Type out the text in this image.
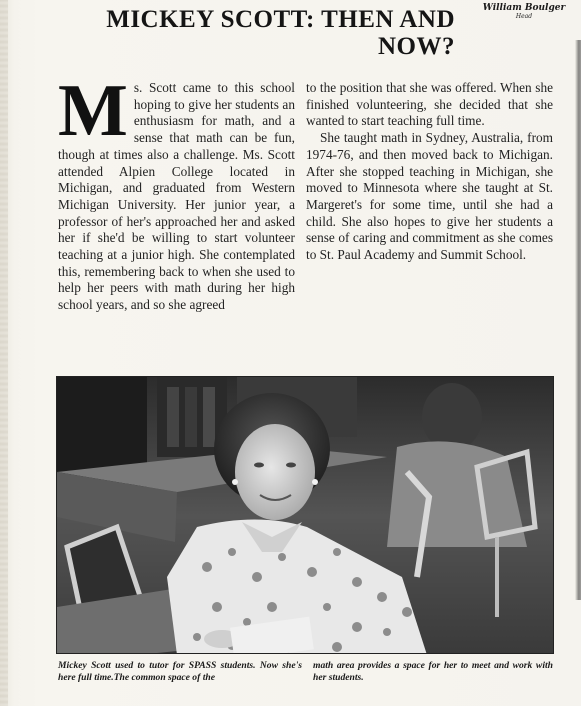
William Boulger
Head
MICKEY SCOTT: THEN AND NOW?
M s. Scott came to this school hoping to give her students an enthusiasm for math, and a sense that math can be fun, though at times also a challenge. Ms. Scott attended Alpien College located in Michigan, and graduated from Western Michigan University. Her junior year, a professor of her's approached her and asked her if she'd be willing to start volunteer teaching at a junior high. She contemplated this, remembering back to when she used to help her peers with math during her high school years, and so she agreed

to the position that she was offered. When she finished volunteering, she decided that she wanted to start teaching full time.

She taught math in Sydney, Australia, from 1974-76, and then moved back to Michigan. After she stopped teaching in Michigan, she moved to Minnesota where she taught at St. Margeret's for some time, until she had a child. She also hopes to give her students a sense of caring and commitment as she comes to St. Paul Academy and Summit School.

Mickey Scott used to tutor for SPASS students. Now she's here full time.The common space of the

math area provides a space for her to meet and work with her students.
